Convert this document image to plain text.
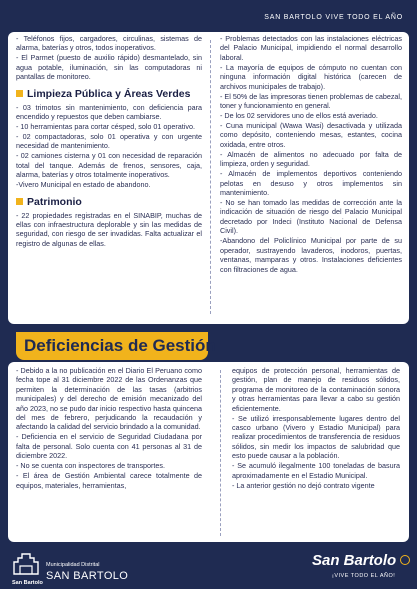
SAN BARTOLO VIVE TODO EL AÑO

- Teléfonos fijos, cargadores, circulinas, sistemas de alarma, baterías y otros, todos inoperativos.

- El Parmet (puesto de auxilio rápido) desmantelado, sin agua potable, iluminación, sin las computadoras ni pantallas de monitoreo.

Limpieza Pública y Áreas Verdes

- 03 trimotos sin mantenimiento, con deficiencia para encendido y repuestos que deben cambiarse.

- 10 herramientas para cortar césped, solo 01 operativo.

- 02 compactadoras, solo 01 operativa y con urgente necesidad de mantenimiento.

- 02 camiones cisterna y 01 con necesidad de reparación total del tanque. Además de frenos, sensores, caja, alarma, baterías y otros totalmente inoperativos.

-Vivero Municipal en estado de abandono.

Patrimonio

- 22 propiedades registradas en el SINABIP, muchas de ellas con infraestructura deplorable y sin las medidas de seguridad, con riesgo de ser invadidas. Falta actualizar el registro de algunas de ellas.

- Problemas detectados con las instalaciones eléctricas del Palacio Municipal, impidiendo el normal desarrollo laboral.

- La mayoría de equipos de cómputo no cuentan con ninguna información digital histórica (carecen de archivos municipales de trabajo).

- El 50% de las impresoras tienen problemas de cabezal, toner y funcionamiento en general.

- De los 02 servidores uno de ellos está averiado.

- Cuna municipal (Wawa Wasi) desactivada y utilizada como depósito, conteniendo mesas, estantes, cocina oxidada, entre otros.

- Almacén de alimentos no adecuado por falta de limpieza, orden y seguridad.

- Almacén de implementos deportivos conteniendo pelotas en desuso y otros implementos sin mantenimiento.

- No se han tomado las medidas de corrección ante la indicación de situación de riesgo del Palacio Municipal decretado por Indeci (Instituto Nacional de Defensa Civil).

-Abandono del Policlínico Municipal por parte de su operador, sustrayendo lavaderos, inodoros, puertas, ventanas, mamparas y otros. Instalaciones deficientes con filtraciones de agua.

Deficiencias de Gestión

- Debido a la no publicación en el Diario El Peruano como fecha tope al 31 diciembre 2022 de las Ordenanzas que permiten la determinación de las tasas (arbitrios municipales) y del derecho de emisión mecanizado del año 2023, no se pudo dar inicio respectivo hasta quincena del mes de febrero, perjudicando la recaudación y afectando la calidad del servicio brindado a la comunidad.

- Deficiencia en el servicio de Seguridad Ciudadana por falta de personal. Solo cuenta con 41 personas al 31 de diciembre 2022.

- No se cuenta con inspectores de transportes.

- El área de Gestión Ambiental carece totalmente de equipos, materiales, herramientas,

equipos de protección personal, herramientas de gestión, plan de manejo de residuos sólidos, programa de monitoreo de la contaminación sonora y otras herramientas para llevar a cabo su gestión eficientemente.

- Se utilizó irresponsablemente lugares dentro del casco urbano (Vivero y Estadio Municipal) para realizar procedimientos de transferencia de residuos sólidos, sin medir los impactos de salubridad que esto puede causar a la población.

- Se acumuló ilegalmente 100 toneladas de basura aproximadamente en el Estadio Municipal.

- La anterior gestión no dejó contrato vigente

Municipalidad Distrital
SAN BARTOLO
San Bartolo
San Bartolo
¡VIVE TODO EL AÑO!
